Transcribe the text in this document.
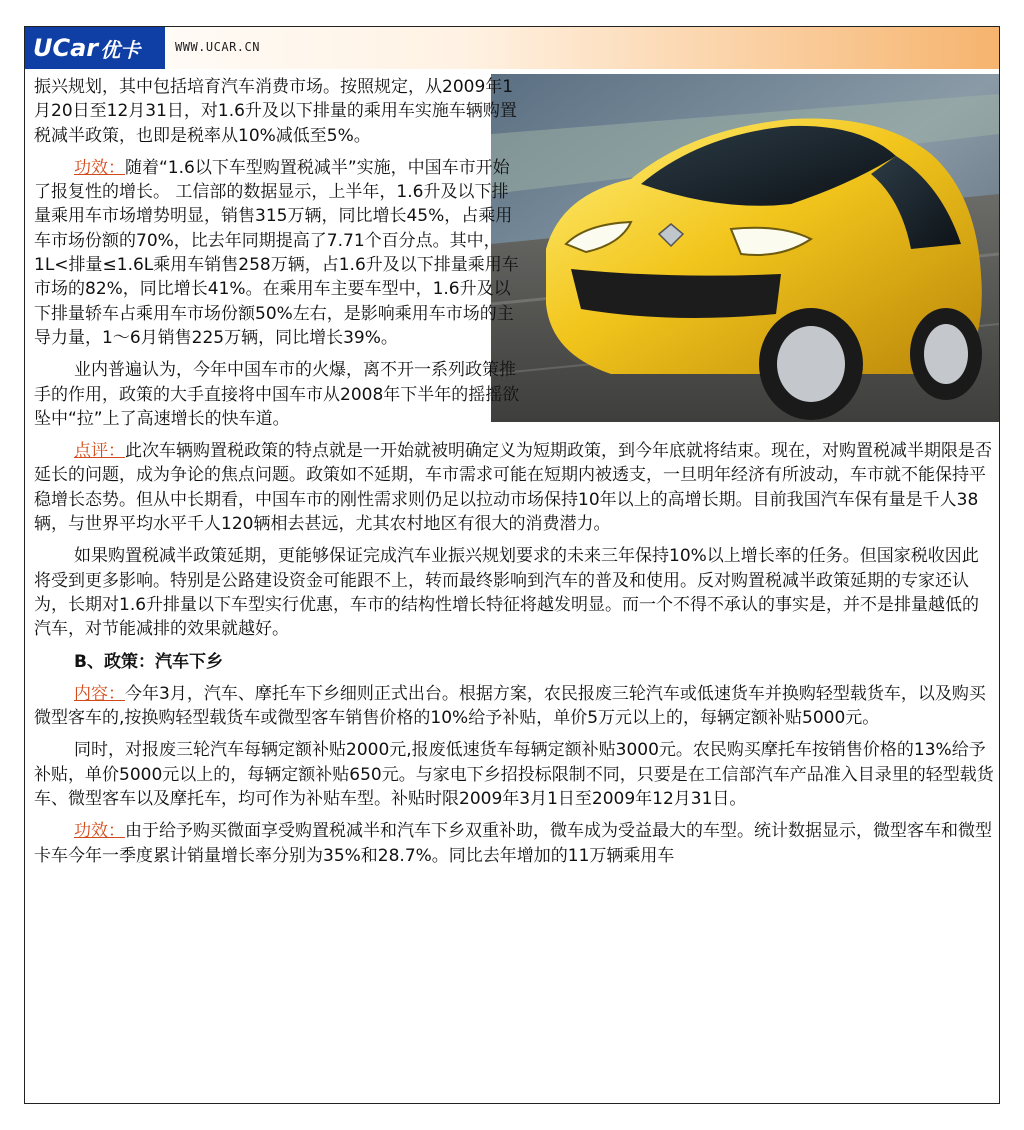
UCar 优卡	WWW.UCAR.CN

振兴规划，其中包括培育汽车消费市场。按照规定，从2009年1月20日至12月31日，对1.6升及以下排量的乘用车实施车辆购置税减半政策，也即是税率从10%减低至5%。

功效：随着“1.6以下车型购置税减半”实施，中国车市开始了报复性的增长。 工信部的数据显示，上半年，1.6升及以下排量乘用车市场增势明显，销售315万辆，同比增长45%，占乘用车市场份额的70%，比去年同期提高了7.71个百分点。其中，1L<排量≤1.6L乘用车销售258万辆，占1.6升及以下排量乘用车市场的82%，同比增长41%。在乘用车主要车型中，1.6升及以下排量轿车占乘用车市场份额50%左右，是影响乘用车市场的主导力量，1～6月销售225万辆，同比增长39%。

业内普遍认为，今年中国车市的火爆，离不开一系列政策推手的作用，政策的大手直接将中国车市从2008年下半年的摇摇欲坠中“拉”上了高速增长的快车道。

点评：此次车辆购置税政策的特点就是一开始就被明确定义为短期政策，到今年底就将结束。现在，对购置税减半期限是否延长的问题，成为争论的焦点问题。政策如不延期，车市需求可能在短期内被透支，一旦明年经济有所波动，车市就不能保持平稳增长态势。但从中长期看，中国车市的刚性需求则仍足以拉动市场保持10年以上的高增长期。目前我国汽车保有量是千人38辆，与世界平均水平千人120辆相去甚远，尤其农村地区有很大的消费潜力。

如果购置税减半政策延期，更能够保证完成汽车业振兴规划要求的未来三年保持10%以上增长率的任务。但国家税收因此将受到更多影响。特别是公路建设资金可能跟不上，转而最终影响到汽车的普及和使用。反对购置税减半政策延期的专家还认为，长期对1.6升排量以下车型实行优惠，车市的结构性增长特征将越发明显。而一个不得不承认的事实是，并不是排量越低的汽车，对节能减排的效果就越好。

B、政策：汽车下乡

内容：今年3月，汽车、摩托车下乡细则正式出台。根据方案，农民报废三轮汽车或低速货车并换购轻型载货车，以及购买微型客车的,按换购轻型载货车或微型客车销售价格的10%给予补贴，单价5万元以上的，每辆定额补贴5000元。

同时，对报废三轮汽车每辆定额补贴2000元,报废低速货车每辆定额补贴3000元。农民购买摩托车按销售价格的13%给予补贴，单价5000元以上的，每辆定额补贴650元。与家电下乡招投标限制不同，只要是在工信部汽车产品准入目录里的轻型载货车、微型客车以及摩托车，均可作为补贴车型。补贴时限2009年3月1日至2009年12月31日。

功效：由于给予购买微面享受购置税减半和汽车下乡双重补助，微车成为受益最大的车型。统计数据显示，微型客车和微型卡车今年一季度累计销量增长率分别为35%和28.7%。同比去年增加的11万辆乘用车
